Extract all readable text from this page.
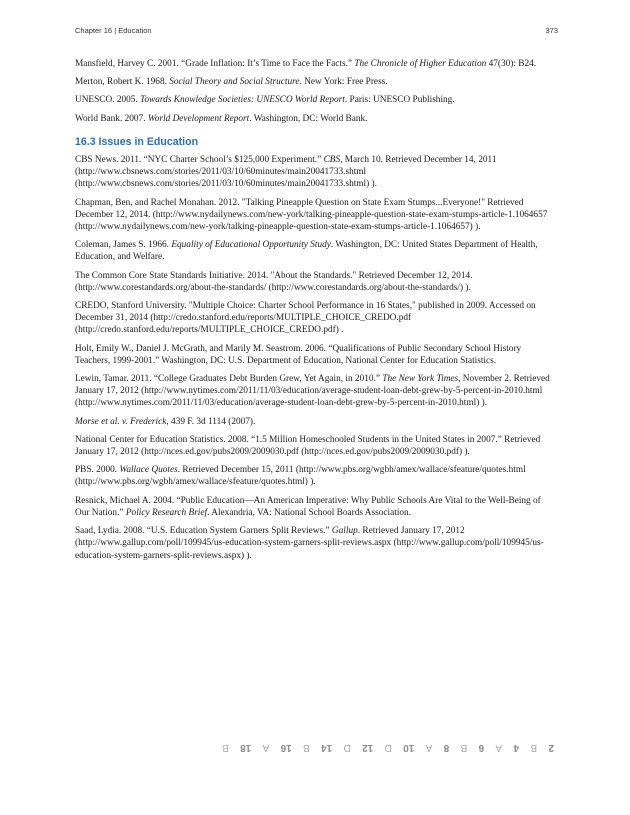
Chapter 16 | Education	373

Mansfield, Harvey C. 2001. “Grade Inflation: It’s Time to Face the Facts.” The Chronicle of Higher Education 47(30): B24.

Merton, Robert K. 1968. Social Theory and Social Structure. New York: Free Press.

UNESCO. 2005. Towards Knowledge Societies: UNESCO World Report. Paris: UNESCO Publishing.

World Bank. 2007. World Development Report. Washington, DC: World Bank.

16.3 Issues in Education

CBS News. 2011. “NYC Charter School’s $125,000 Experiment.” CBS, March 10. Retrieved December 14, 2011 (http://www.cbsnews.com/stories/2011/03/10/60minutes/main20041733.shtml (http://www.cbsnews.com/stories/2011/03/10/60minutes/main20041733.shtml) ).

Chapman, Ben, and Rachel Monahan. 2012. "Talking Pineapple Question on State Exam Stumps...Everyone!" Retrieved December 12, 2014. (http://www.nydailynews.com/new-york/talking-pineapple-question-state-exam-stumps-article-1.1064657 (http://www.nydailynews.com/new-york/talking-pineapple-question-state-exam-stumps-article-1.1064657) ).

Coleman, James S. 1966. Equality of Educational Opportunity Study. Washington, DC: United States Department of Health, Education, and Welfare.

The Common Core State Standards Initiative. 2014. "About the Standards." Retrieved December 12, 2014. (http://www.corestandards.org/about-the-standards/ (http://www.corestandards.org/about-the-standards/) ).

CREDO, Stanford University. "Multiple Choice: Charter School Performance in 16 States," published in 2009. Accessed on December 31, 2014 (http://credo.stanford.edu/reports/MULTIPLE_CHOICE_CREDO.pdf (http://credo.stanford.edu/reports/MULTIPLE_CHOICE_CREDO.pdf) .

Holt, Emily W., Daniel J. McGrath, and Marily M. Seastrom. 2006. “Qualifications of Public Secondary School History Teachers, 1999-2001.” Washington, DC: U.S. Department of Education, National Center for Education Statistics.

Lewin, Tamar. 2011. “College Graduates Debt Burden Grew, Yet Again, in 2010.” The New York Times, November 2. Retrieved January 17, 2012 (http://www.nytimes.com/2011/11/03/education/average-student-loan-debt-grew-by-5-percent-in-2010.html (http://www.nytimes.com/2011/11/03/education/average-student-loan-debt-grew-by-5-percent-in-2010.html) ).

Morse et al. v. Frederick, 439 F. 3d 1114 (2007).

National Center for Education Statistics. 2008. “1.5 Million Homeschooled Students in the United States in 2007.” Retrieved January 17, 2012 (http://nces.ed.gov/pubs2009/2009030.pdf (http://nces.ed.gov/pubs2009/2009030.pdf) ).

PBS. 2000. Wallace Quotes. Retrieved December 15, 2011 (http://www.pbs.org/wgbh/amex/wallace/sfeature/quotes.html (http://www.pbs.org/wgbh/amex/wallace/sfeature/quotes.html) ).

Resnick, Michael A. 2004. “Public Education—An American Imperative: Why Public Schools Are Vital to the Well-Being of Our Nation.” Policy Research Brief. Alexandria, VA: National School Boards Association.

Saad, Lydia. 2008. “U.S. Education System Garners Split Reviews.” Gallup. Retrieved January 17, 2012 (http://www.gallup.com/poll/109945/us-education-system-garners-split-reviews.aspx (http://www.gallup.com/poll/109945/us-education-system-garners-split-reviews.aspx) ).

2
B
4
A
6
B
8
A
10
D
12
D
14
B
16
A
18
B
